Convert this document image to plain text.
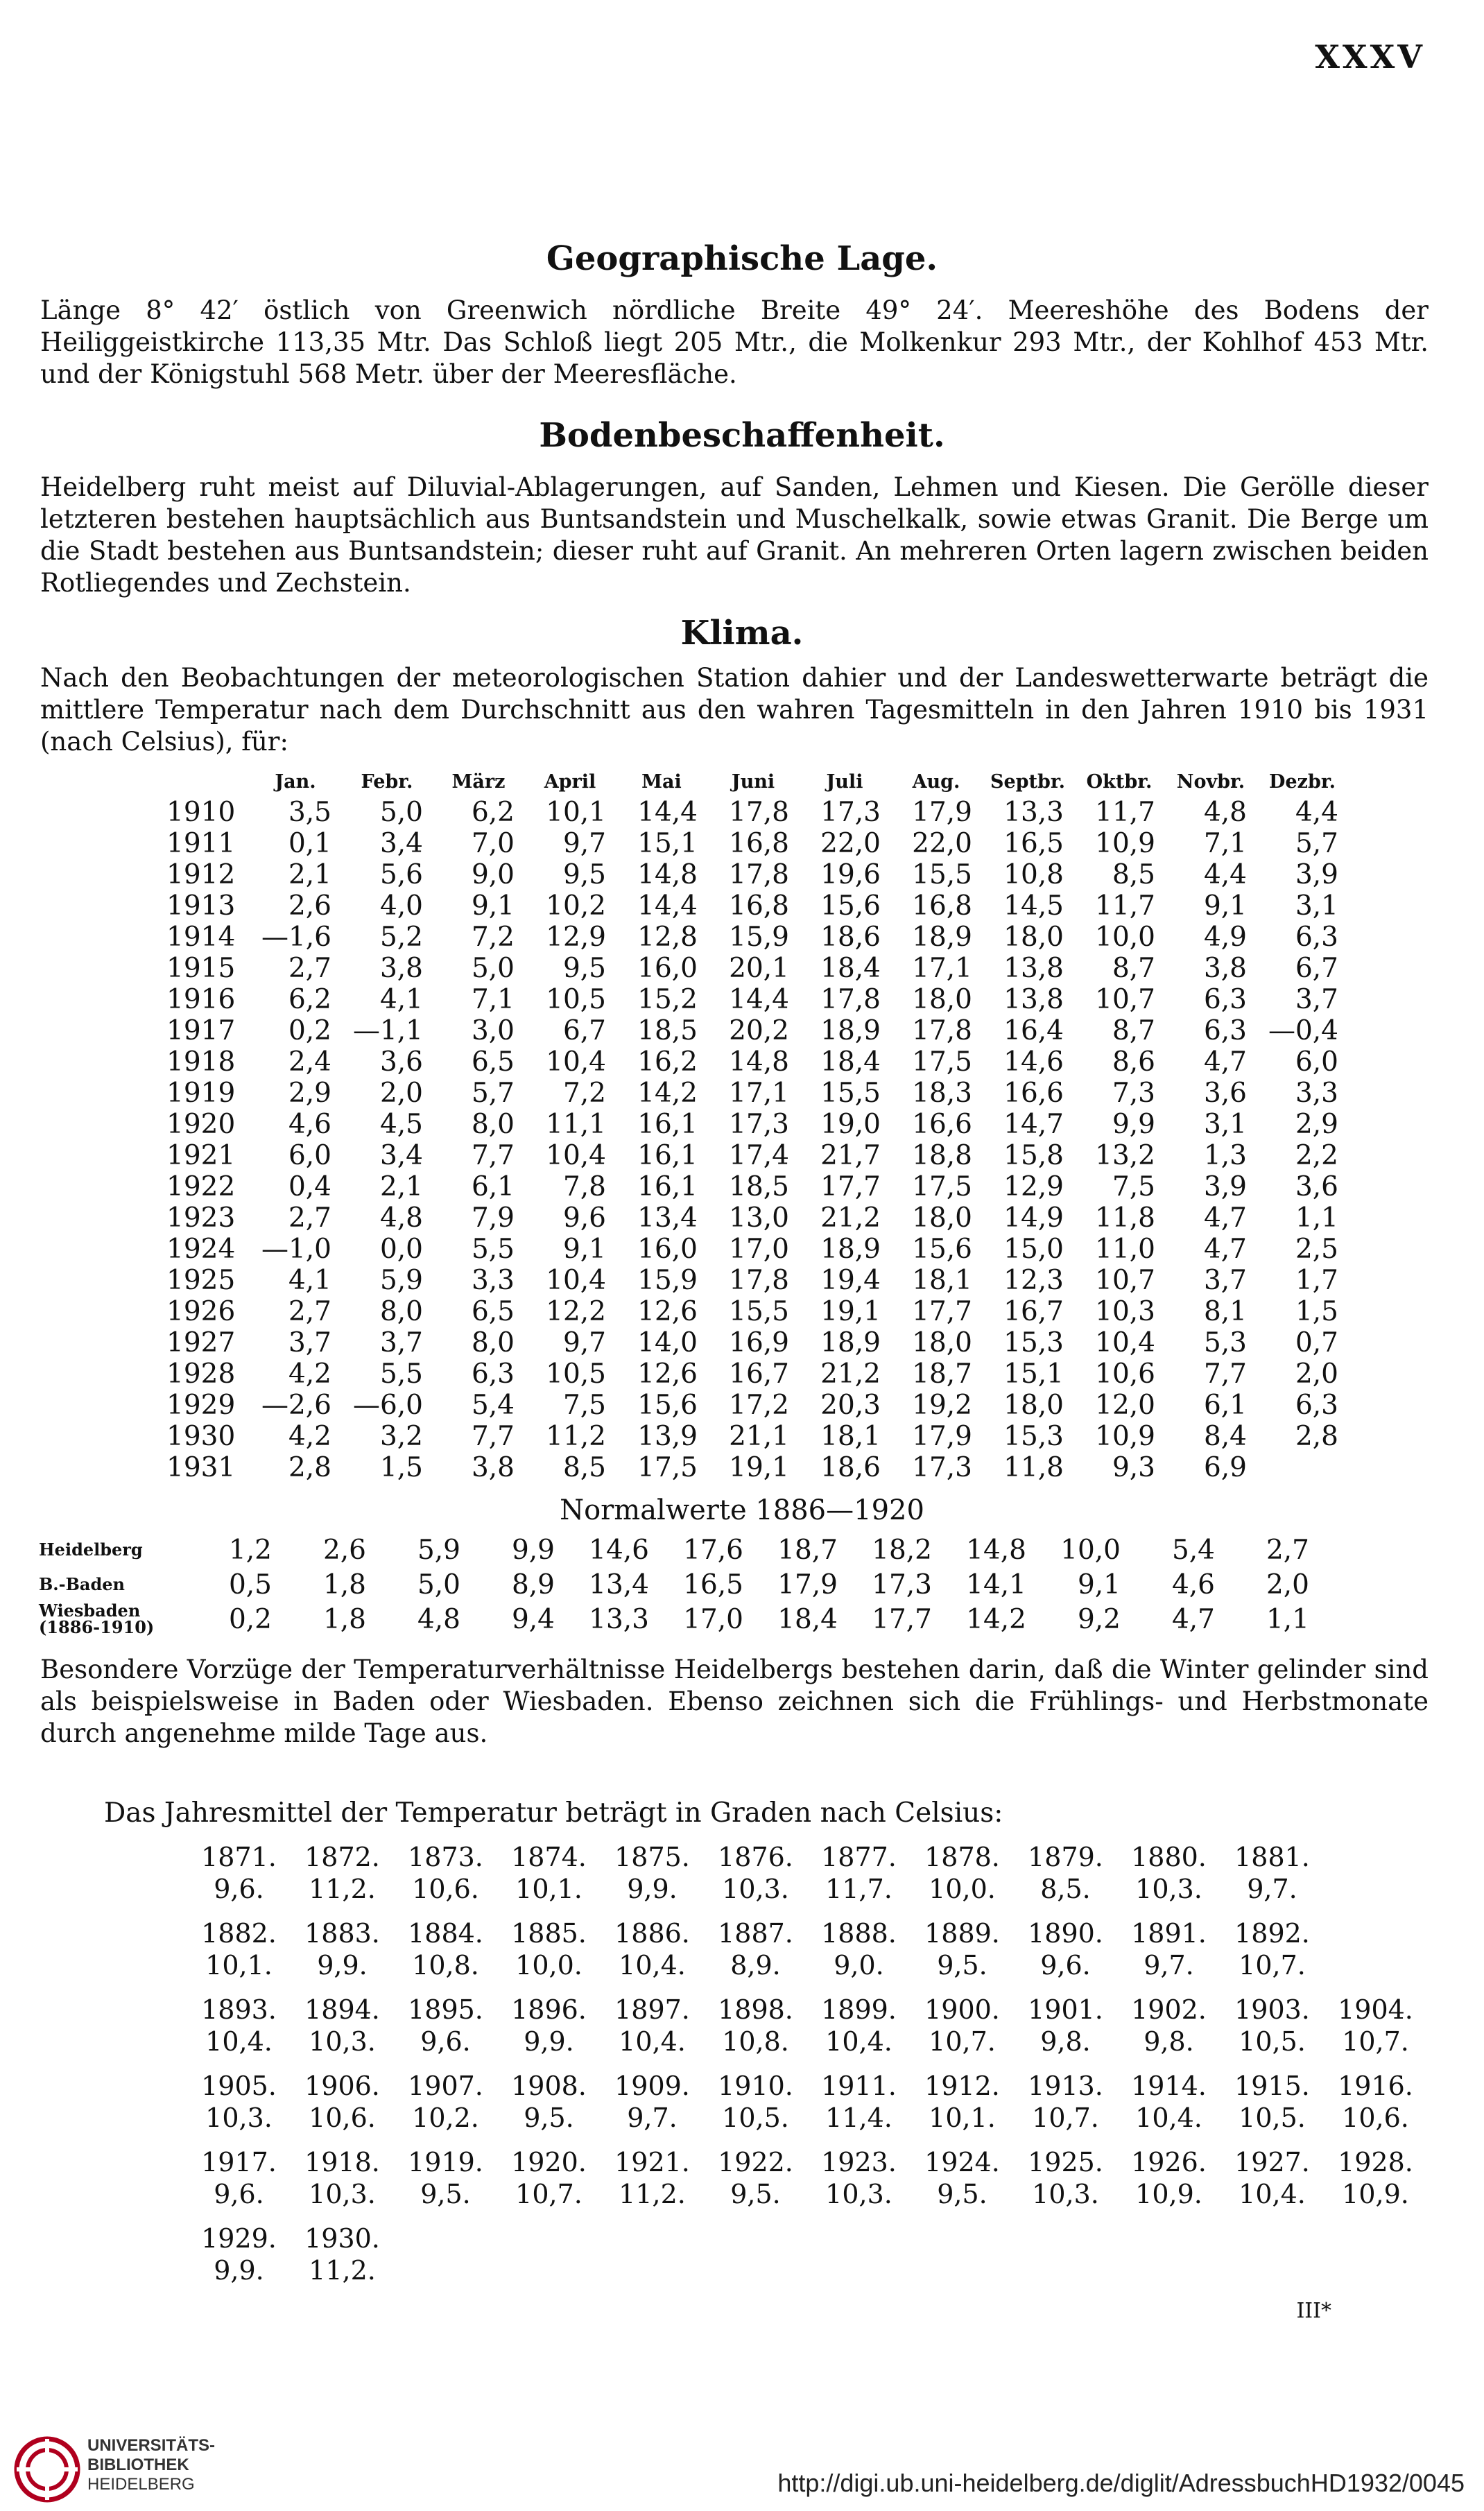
XXXV
Geographische Lage.
Länge 8° 42′ östlich von Greenwich nördliche Breite 49° 24′. Meereshöhe des Bodens der Heiliggeistkirche 113,35 Mtr. Das Schloß liegt 205 Mtr., die Molkenkur 293 Mtr., der Kohlhof 453 Mtr. und der Königstuhl 568 Metr. über der Meeresfläche.
Bodenbeschaffenheit.
Heidelberg ruht meist auf Diluvial-Ablagerungen, auf Sanden, Lehmen und Kiesen. Die Gerölle dieser letzteren bestehen hauptsächlich aus Buntsandstein und Muschelkalk, sowie etwas Granit. Die Berge um die Stadt bestehen aus Buntsandstein; dieser ruht auf Granit. An mehreren Orten lagern zwischen beiden Rotliegendes und Zechstein.
Klima.
Nach den Beobachtungen der meteorologischen Station dahier und der Landeswetterwarte beträgt die mittlere Temperatur nach dem Durchschnitt aus den wahren Tagesmitteln in den Jahren 1910 bis 1931 (nach Celsius), für:
	Jan.	Febr.	März	April	Mai	Juni	Juli	Aug.	Septbr.	Oktbr.	Novbr.	Dezbr.
1910	3,5	5,0	6,2	10,1	14,4	17,8	17,3	17,9	13,3	11,7	4,8	4,4
1911	0,1	3,4	7,0	9,7	15,1	16,8	22,0	22,0	16,5	10,9	7,1	5,7
1912	2,1	5,6	9,0	9,5	14,8	17,8	19,6	15,5	10,8	8,5	4,4	3,9
1913	2,6	4,0	9,1	10,2	14,4	16,8	15,6	16,8	14,5	11,7	9,1	3,1
1914	—1,6	5,2	7,2	12,9	12,8	15,9	18,6	18,9	18,0	10,0	4,9	6,3
1915	2,7	3,8	5,0	9,5	16,0	20,1	18,4	17,1	13,8	8,7	3,8	6,7
1916	6,2	4,1	7,1	10,5	15,2	14,4	17,8	18,0	13,8	10,7	6,3	3,7
1917	0,2	—1,1	3,0	6,7	18,5	20,2	18,9	17,8	16,4	8,7	6,3	—0,4
1918	2,4	3,6	6,5	10,4	16,2	14,8	18,4	17,5	14,6	8,6	4,7	6,0
1919	2,9	2,0	5,7	7,2	14,2	17,1	15,5	18,3	16,6	7,3	3,6	3,3
1920	4,6	4,5	8,0	11,1	16,1	17,3	19,0	16,6	14,7	9,9	3,1	2,9
1921	6,0	3,4	7,7	10,4	16,1	17,4	21,7	18,8	15,8	13,2	1,3	2,2
1922	0,4	2,1	6,1	7,8	16,1	18,5	17,7	17,5	12,9	7,5	3,9	3,6
1923	2,7	4,8	7,9	9,6	13,4	13,0	21,2	18,0	14,9	11,8	4,7	1,1
1924	—1,0	0,0	5,5	9,1	16,0	17,0	18,9	15,6	15,0	11,0	4,7	2,5
1925	4,1	5,9	3,3	10,4	15,9	17,8	19,4	18,1	12,3	10,7	3,7	1,7
1926	2,7	8,0	6,5	12,2	12,6	15,5	19,1	17,7	16,7	10,3	8,1	1,5
1927	3,7	3,7	8,0	9,7	14,0	16,9	18,9	18,0	15,3	10,4	5,3	0,7
1928	4,2	5,5	6,3	10,5	12,6	16,7	21,2	18,7	15,1	10,6	7,7	2,0
1929	—2,6	—6,0	5,4	7,5	15,6	17,2	20,3	19,2	18,0	12,0	6,1	6,3
1930	4,2	3,2	7,7	11,2	13,9	21,1	18,1	17,9	15,3	10,9	8,4	2,8
1931	2,8	1,5	3,8	8,5	17,5	19,1	18,6	17,3	11,8	9,3	6,9	
Normalwerte 1886—1920
Heidelberg	1,2	2,6	5,9	9,9	14,6	17,6	18,7	18,2	14,8	10,0	5,4	2,7

B.-Baden	0,5	1,8	5,0	8,9	13,4	16,5	17,9	17,3	14,1	9,1	4,6	2,0

Wiesbaden
(1886-1910)	0,2	1,8	4,8	9,4	13,3	17,0	18,4	17,7	14,2	9,2	4,7	1,1
Besondere Vorzüge der Temperaturverhältnisse Heidelbergs bestehen darin, daß die Winter gelinder sind als beispielsweise in Baden oder Wiesbaden. Ebenso zeichnen sich die Frühlings- und Herbstmonate durch angenehme milde Tage aus.
Das Jahresmittel der Temperatur beträgt in Graden nach Celsius:
1871.	1872.	1873.	1874.	1875.	1876.	1877.	1878.	1879.	1880.	1881.	
9,6.	11,2.	10,6.	10,1.	9,9.	10,3.	11,7.	10,0.	8,5.	10,3.	9,7.	

1882.	1883.	1884.	1885.	1886.	1887.	1888.	1889.	1890.	1891.	1892.	
10,1.	9,9.	10,8.	10,0.	10,4.	8,9.	9,0.	9,5.	9,6.	9,7.	10,7.	

1893.	1894.	1895.	1896.	1897.	1898.	1899.	1900.	1901.	1902.	1903.	1904.
10,4.	10,3.	9,6.	9,9.	10,4.	10,8.	10,4.	10,7.	9,8.	9,8.	10,5.	10,7.

1905.	1906.	1907.	1908.	1909.	1910.	1911.	1912.	1913.	1914.	1915.	1916.
10,3.	10,6.	10,2.	9,5.	9,7.	10,5.	11,4.	10,1.	10,7.	10,4.	10,5.	10,6.

1917.	1918.	1919.	1920.	1921.	1922.	1923.	1924.	1925.	1926.	1927.	1928.
9,6.	10,3.	9,5.	10,7.	11,2.	9,5.	10,3.	9,5.	10,3.	10,9.	10,4.	10,9.

1929.	1930.										
9,9.	11,2.										
III*
UNIVERSITÄTS-
BIBLIOTHEK
HEIDELBERG	http://digi.ub.uni-heidelberg.de/diglit/AdressbuchHD1932/0045
